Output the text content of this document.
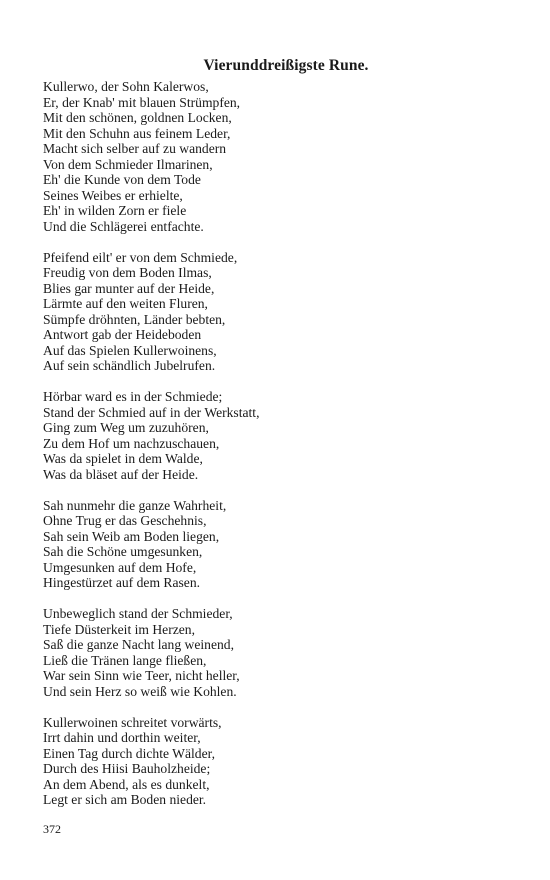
Vierunddreißigste Rune.
Kullerwo, der Sohn Kalerwos,
Er, der Knab' mit blauen Strümpfen,
Mit den schönen, goldnen Locken,
Mit den Schuhn aus feinem Leder,
Macht sich selber auf zu wandern
Von dem Schmieder Ilmarinen,
Eh' die Kunde von dem Tode
Seines Weibes er erhielte,
Eh' in wilden Zorn er fiele
Und die Schlägerei entfachte.
Pfeifend eilt' er von dem Schmiede,
Freudig von dem Boden Ilmas,
Blies gar munter auf der Heide,
Lärmte auf den weiten Fluren,
Sümpfe dröhnten, Länder bebten,
Antwort gab der Heideboden
Auf das Spielen Kullerwoinens,
Auf sein schändlich Jubelrufen.
Hörbar ward es in der Schmiede;
Stand der Schmied auf in der Werkstatt,
Ging zum Weg um zuzuhören,
Zu dem Hof um nachzuschauen,
Was da spielet in dem Walde,
Was da bläset auf der Heide.
Sah nunmehr die ganze Wahrheit,
Ohne Trug er das Geschehnis,
Sah sein Weib am Boden liegen,
Sah die Schöne umgesunken,
Umgesunken auf dem Hofe,
Hingestürzet auf dem Rasen.
Unbeweglich stand der Schmieder,
Tiefe Düsterkeit im Herzen,
Saß die ganze Nacht lang weinend,
Ließ die Tränen lange fließen,
War sein Sinn wie Teer, nicht heller,
Und sein Herz so weiß wie Kohlen.
Kullerwoinen schreitet vorwärts,
Irrt dahin und dorthin weiter,
Einen Tag durch dichte Wälder,
Durch des Hiisi Bauholzheide;
An dem Abend, als es dunkelt,
Legt er sich am Boden nieder.
372
